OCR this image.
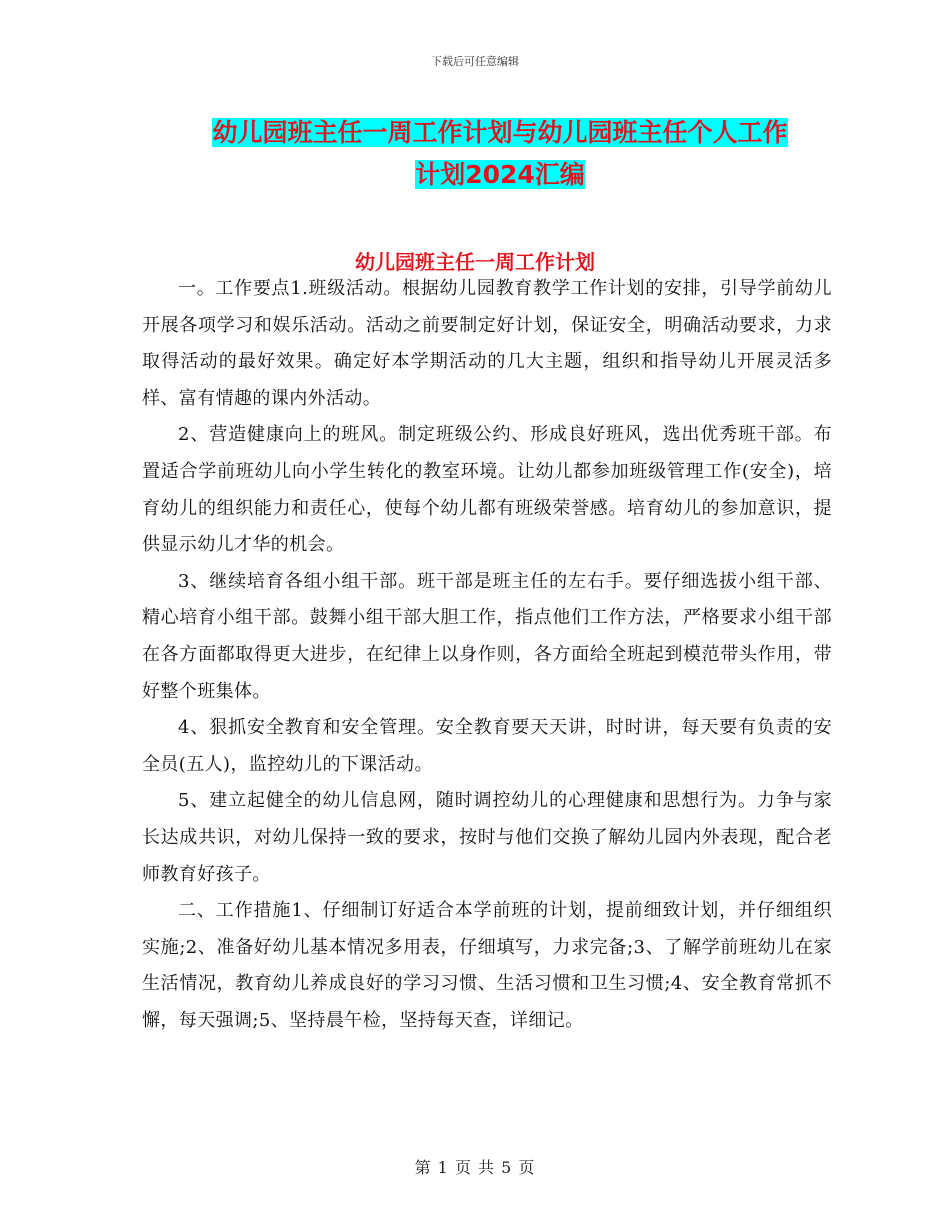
下载后可任意编辑
幼儿园班主任一周工作计划与幼儿园班主任个人工作
计划2024汇编
幼儿园班主任一周工作计划

一。工作要点1.班级活动。根据幼儿园教育教学工作计划的安排，引导学前幼儿开展各项学习和娱乐活动。活动之前要制定好计划，保证安全，明确活动要求，力求取得活动的最好效果。确定好本学期活动的几大主题，组织和指导幼儿开展灵活多样、富有情趣的课内外活动。

2、营造健康向上的班风。制定班级公约、形成良好班风，选出优秀班干部。布置适合学前班幼儿向小学生转化的教室环境。让幼儿都参加班级管理工作(安全)，培育幼儿的组织能力和责任心，使每个幼儿都有班级荣誉感。培育幼儿的参加意识，提供显示幼儿才华的机会。

3、继续培育各组小组干部。班干部是班主任的左右手。要仔细选拔小组干部、精心培育小组干部。鼓舞小组干部大胆工作，指点他们工作方法，严格要求小组干部在各方面都取得更大进步，在纪律上以身作则，各方面给全班起到模范带头作用，带好整个班集体。

4、狠抓安全教育和安全管理。安全教育要天天讲，时时讲，每天要有负责的安全员(五人)，监控幼儿的下课活动。

5、建立起健全的幼儿信息网，随时调控幼儿的心理健康和思想行为。力争与家长达成共识，对幼儿保持一致的要求，按时与他们交换了解幼儿园内外表现，配合老师教育好孩子。

二、工作措施1、仔细制订好适合本学前班的计划，提前细致计划，并仔细组织实施;2、准备好幼儿基本情况多用表，仔细填写，力求完备;3、了解学前班幼儿在家生活情况，教育幼儿养成良好的学习习惯、生活习惯和卫生习惯;4、安全教育常抓不懈，每天强调;5、坚持晨午检，坚持每天查，详细记。

第 1 页 共 5 页
